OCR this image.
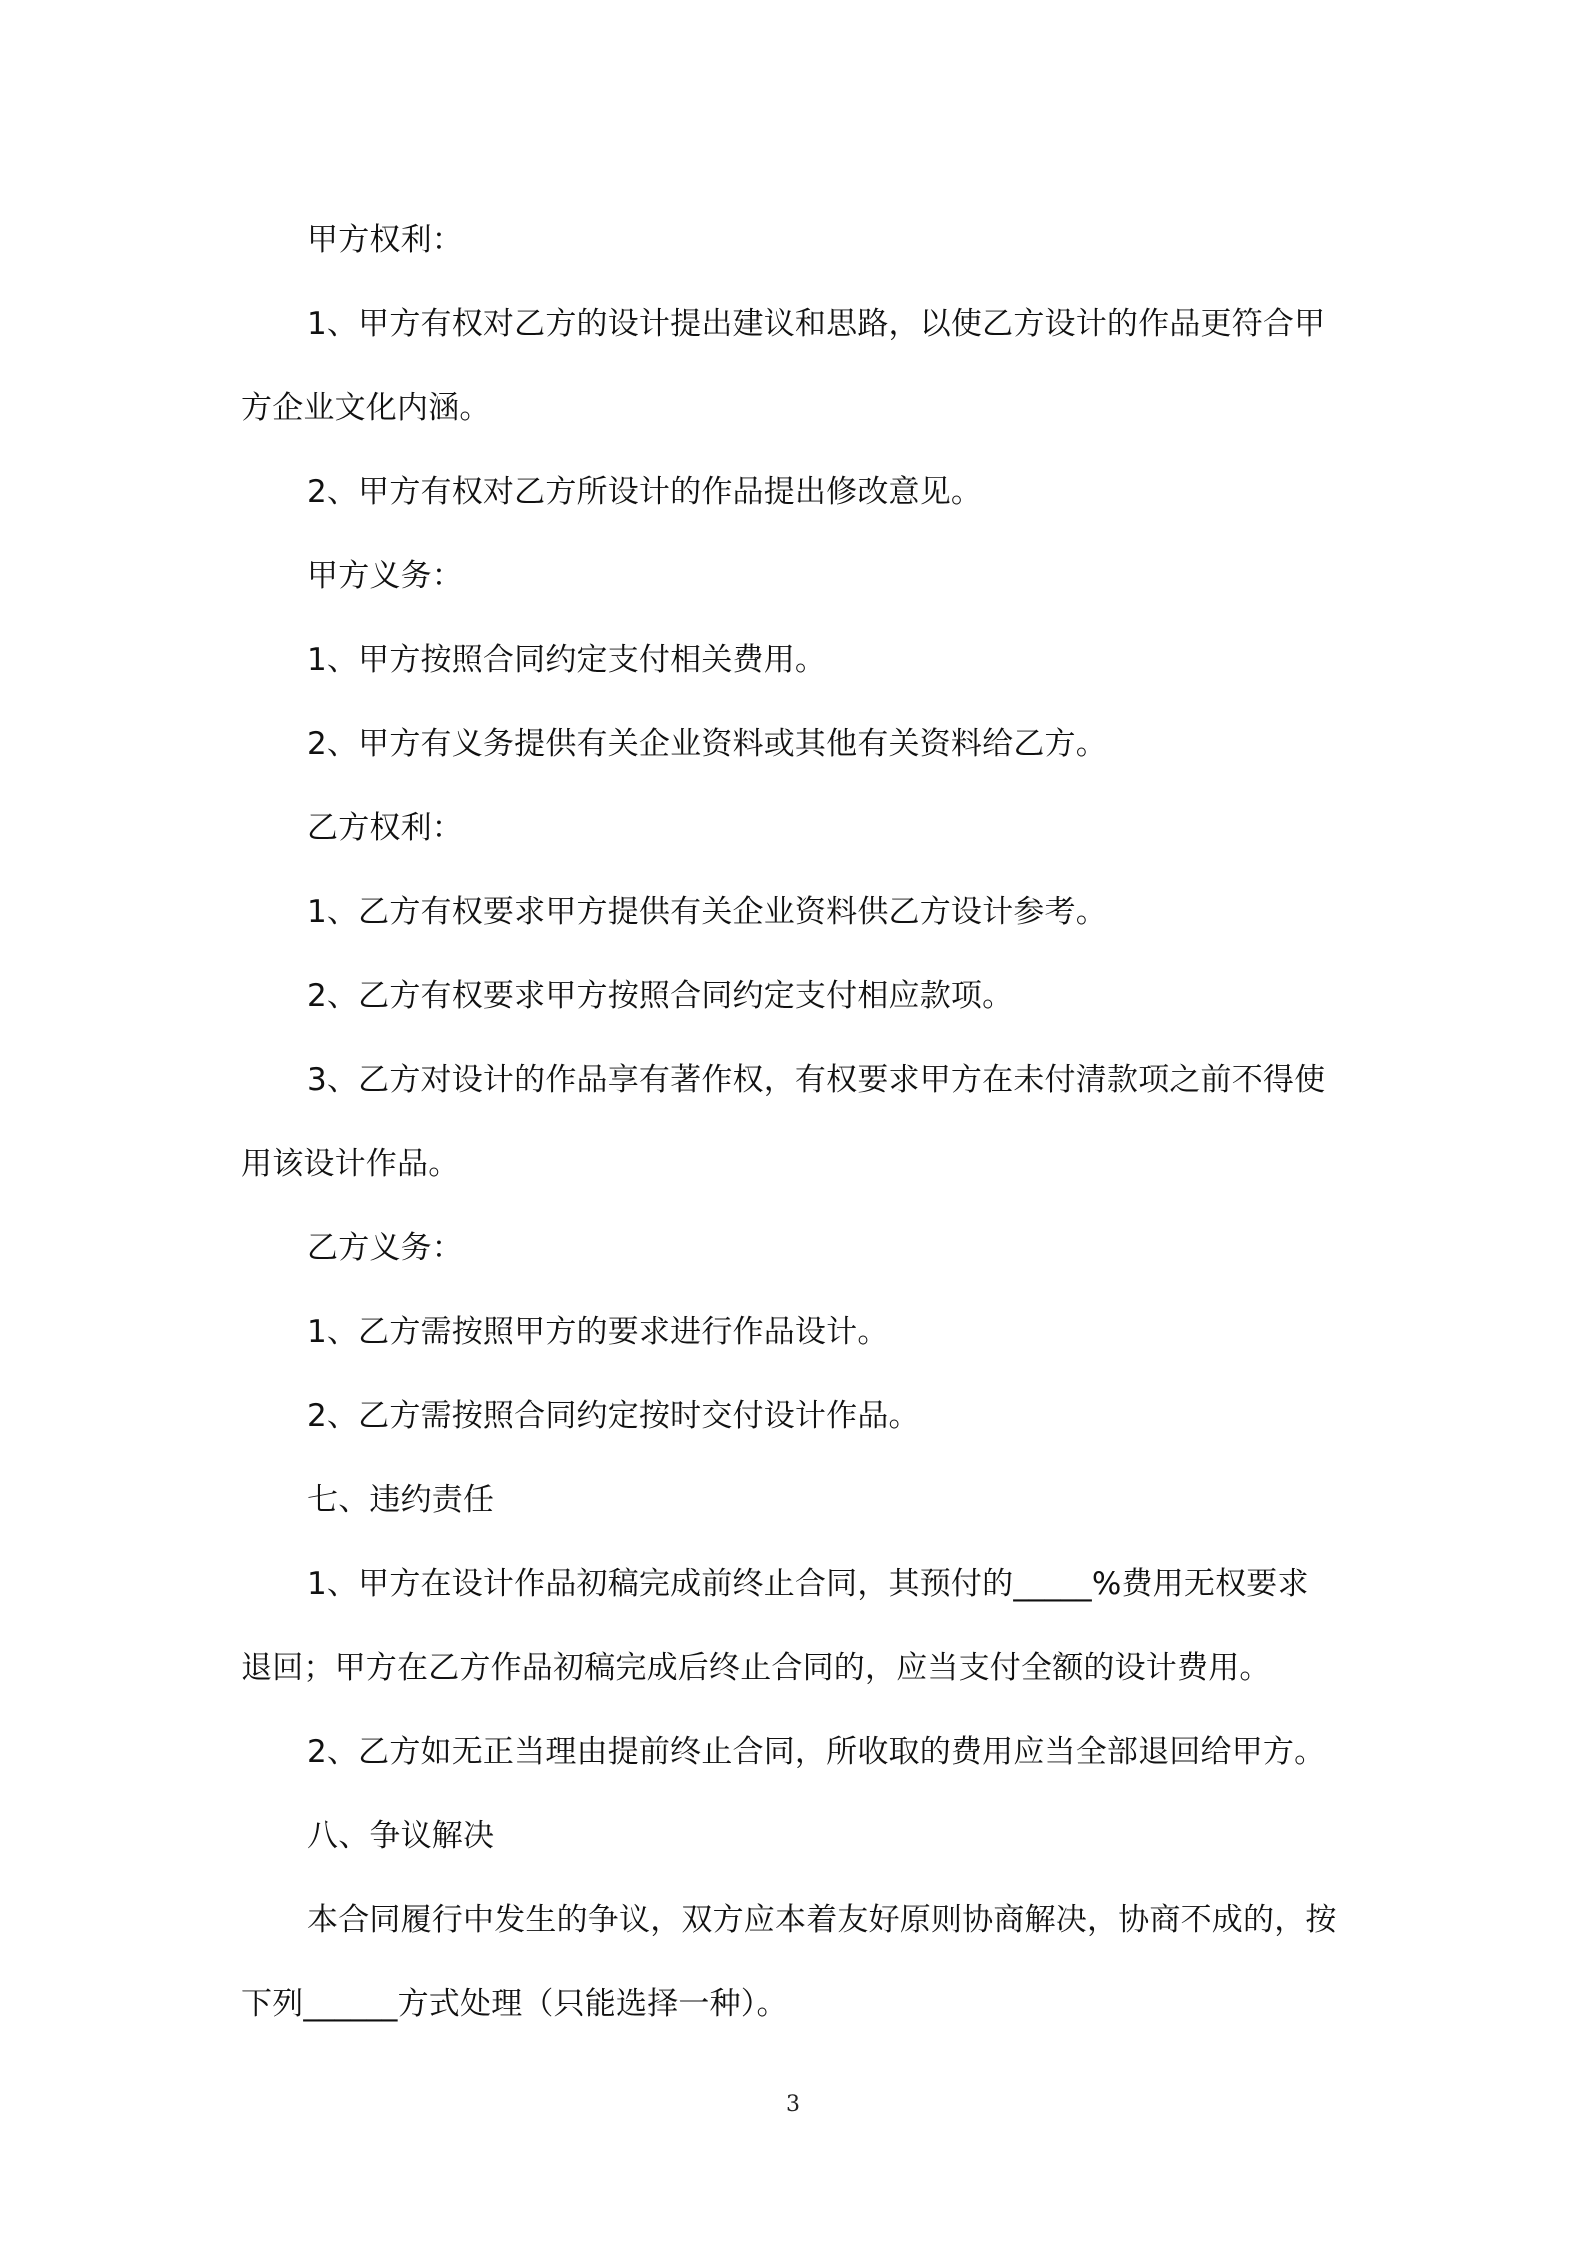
甲方权利：
1、甲方有权对乙方的设计提出建议和思路，以使乙方设计的作品更符合甲
方企业文化内涵。
2、甲方有权对乙方所设计的作品提出修改意见。
甲方义务：
1、甲方按照合同约定支付相关费用。
2、甲方有义务提供有关企业资料或其他有关资料给乙方。
乙方权利：
1、乙方有权要求甲方提供有关企业资料供乙方设计参考。
2、乙方有权要求甲方按照合同约定支付相应款项。
3、乙方对设计的作品享有著作权，有权要求甲方在未付清款项之前不得使
用该设计作品。
乙方义务：
1、乙方需按照甲方的要求进行作品设计。
2、乙方需按照合同约定按时交付设计作品。
七、违约责任
1、甲方在设计作品初稿完成前终止合同，其预付的_____%费用无权要求
退回；甲方在乙方作品初稿完成后终止合同的，应当支付全额的设计费用。
2、乙方如无正当理由提前终止合同，所收取的费用应当全部退回给甲方。
八、争议解决
本合同履行中发生的争议，双方应本着友好原则协商解决，协商不成的，按
下列______方式处理（只能选择一种）。
3
